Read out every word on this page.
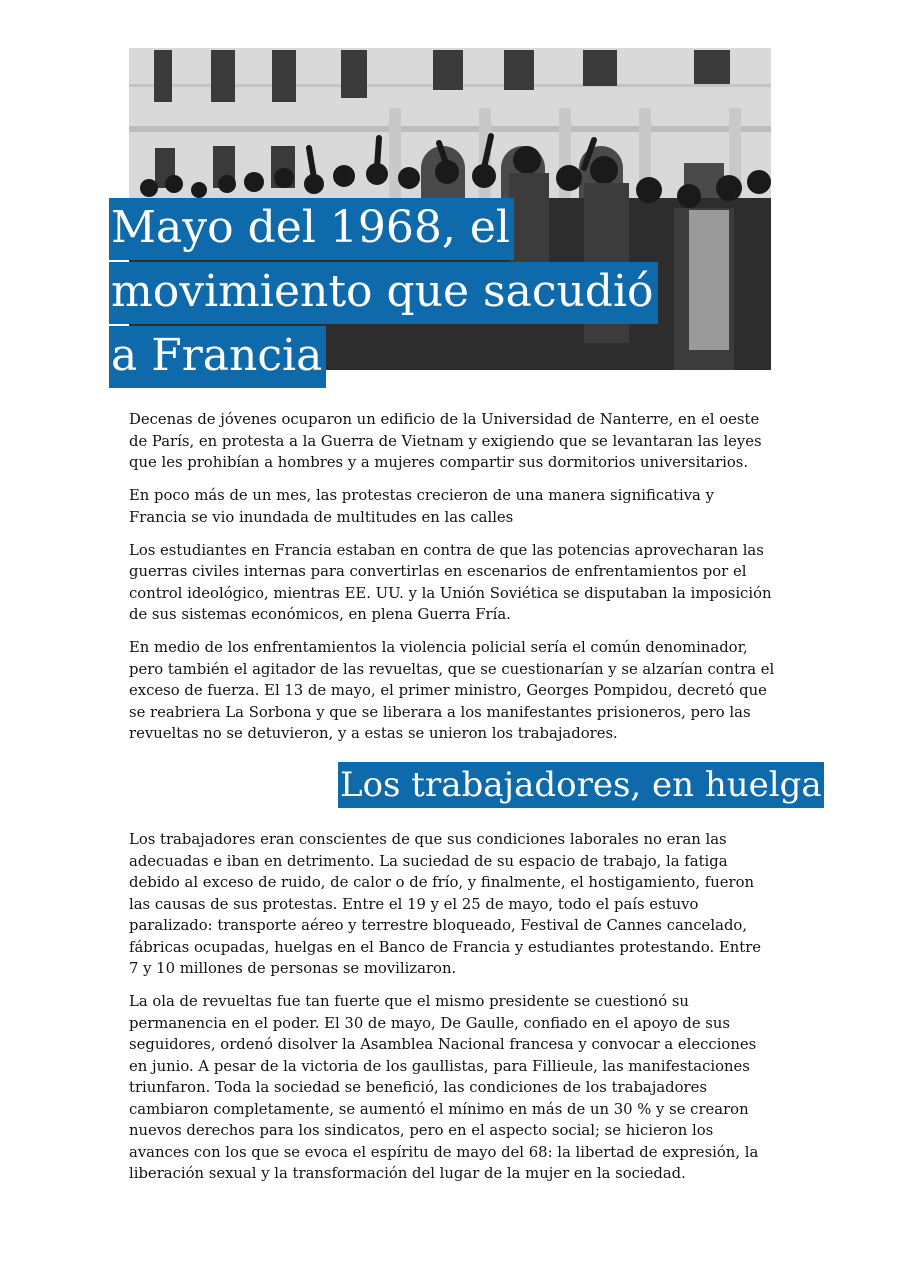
Mayo del 1968, el
movimiento que sacudió
a Francia

Decenas de jóvenes ocuparon un edificio de la Universidad de Nanterre, en el oeste de París, en protesta a la Guerra de Vietnam y exigiendo que se levantaran las leyes que les prohibían a hombres y a mujeres compartir sus dormitorios universitarios.

En poco más de un mes, las protestas crecieron de una manera significativa y Francia se vio inundada de multitudes en las calles

Los estudiantes en Francia estaban en contra de que las potencias aprovecharan las guerras civiles internas para convertirlas en escenarios de enfrentamientos por el control ideológico, mientras EE. UU. y la Unión Soviética se disputaban la imposición de sus sistemas económicos, en plena Guerra Fría.

En medio de los enfrentamientos la violencia policial sería el común denominador, pero también el agitador de las revueltas, que se cuestionarían y se alzarían contra el exceso de fuerza. El 13 de mayo, el primer ministro, Georges Pompidou, decretó que se reabriera La Sorbona y que se liberara a los manifestantes prisioneros, pero las revueltas no se detuvieron, y a estas se unieron los trabajadores.

Los trabajadores, en huelga

Los trabajadores eran conscientes de que sus condiciones laborales no eran las adecuadas e iban en detrimento. La suciedad de su espacio de trabajo, la fatiga debido al exceso de ruido, de calor o de frío, y finalmente, el hostigamiento, fueron las causas de sus protestas. Entre el 19 y el 25 de mayo, todo el país estuvo paralizado: transporte aéreo y terrestre bloqueado, Festival de Cannes cancelado, fábricas ocupadas, huelgas en el Banco de Francia y estudiantes protestando. Entre 7 y 10 millones de personas se movilizaron.

La ola de revueltas fue tan fuerte que el mismo presidente se cuestionó su permanencia en el poder. El 30 de mayo, De Gaulle, confiado en el apoyo de sus seguidores, ordenó disolver la Asamblea Nacional francesa y convocar a elecciones en junio. A pesar de la victoria de los gaullistas, para Fillieule, las manifestaciones triunfaron. Toda la sociedad se benefició, las condiciones de los trabajadores cambiaron completamente, se aumentó el mínimo en más de un 30 % y se crearon nuevos derechos para los sindicatos, pero en el aspecto social; se hicieron los avances con los que se evoca el espíritu de mayo del 68: la libertad de expresión, la liberación sexual y la transformación del lugar de la mujer en la sociedad.
